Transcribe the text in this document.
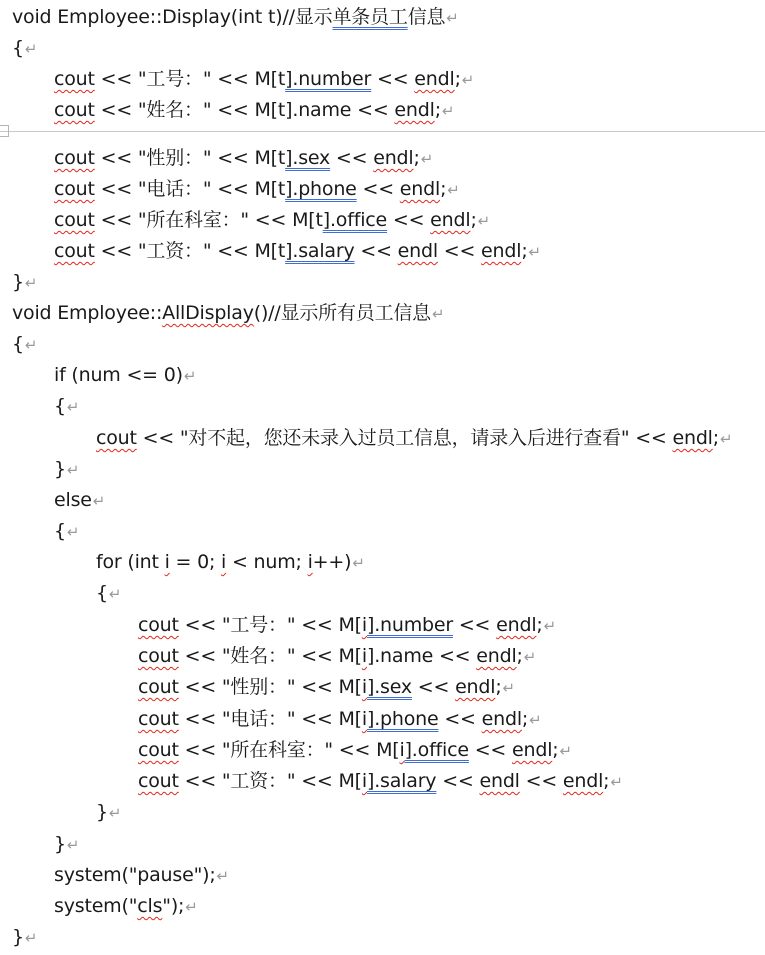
void Employee::Display(int t)//显示单条员工信息↵
{↵
cout << "工号：" << M[t].number << endl;↵
cout << "姓名：" << M[t].name << endl;↵
cout << "性别：" << M[t].sex << endl;↵
cout << "电话：" << M[t].phone << endl;↵
cout << "所在科室：" << M[t].office << endl;↵
cout << "工资：" << M[t].salary << endl << endl;↵
}↵
void Employee::AllDisplay()//显示所有员工信息↵
{↵
if (num <= 0)↵
{↵
cout << "对不起，您还未录入过员工信息，请录入后进行查看" << endl;↵
}↵
else↵
{↵
for (int i = 0; i < num; i++)↵
{↵
cout << "工号：" << M[i].number << endl;↵
cout << "姓名：" << M[i].name << endl;↵
cout << "性别：" << M[i].sex << endl;↵
cout << "电话：" << M[i].phone << endl;↵
cout << "所在科室：" << M[i].office << endl;↵
cout << "工资：" << M[i].salary << endl << endl;↵
}↵
}↵
system("pause");↵
system("cls");↵
}↵
